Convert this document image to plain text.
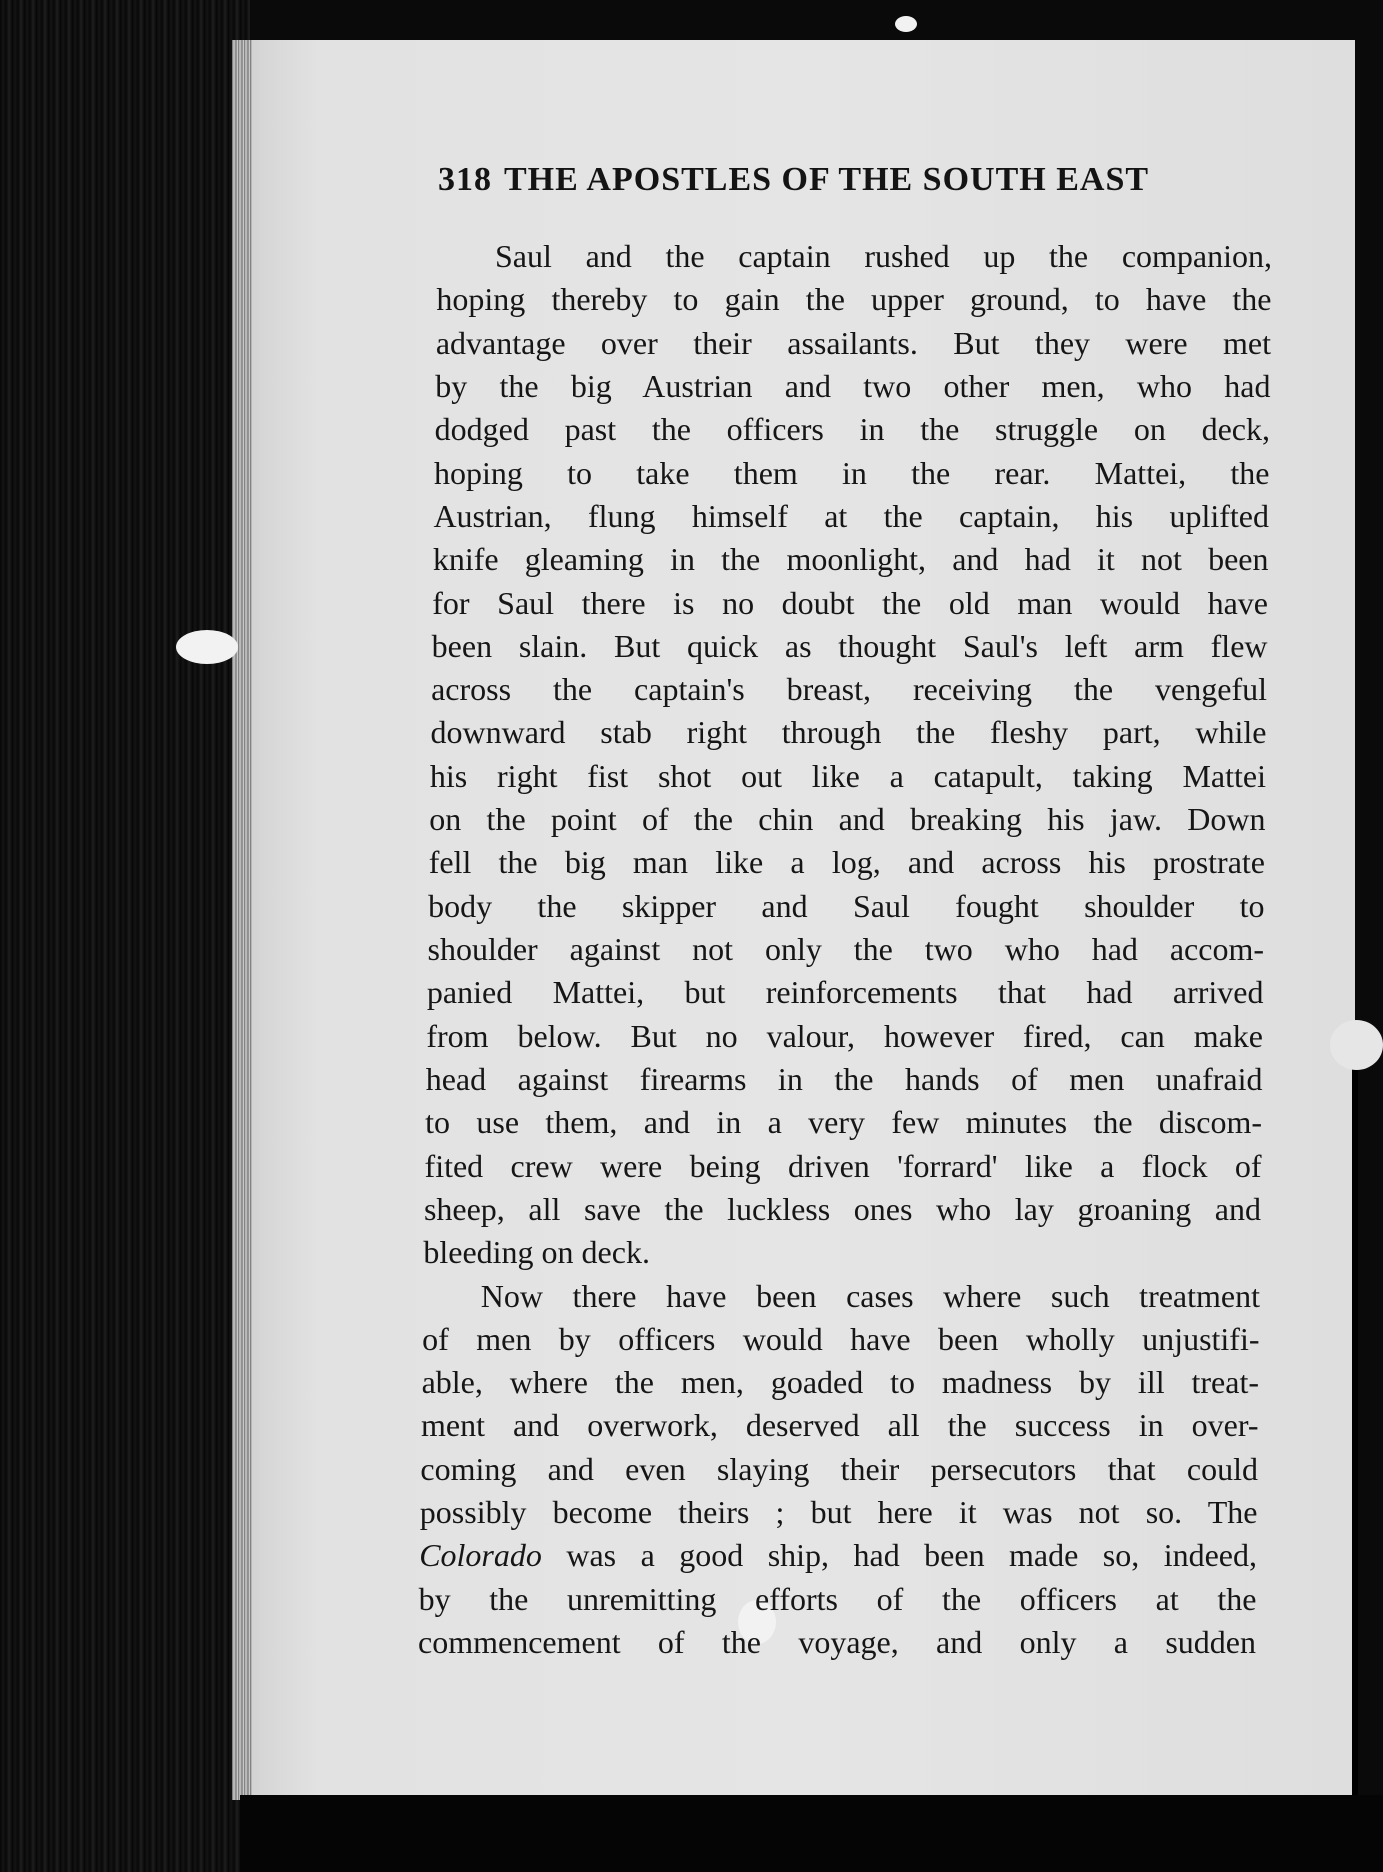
318 THE APOSTLES OF THE SOUTH EAST
Saul and the captain rushed up the companion,
hoping thereby to gain the upper ground, to have the
advantage over their assailants. But they were met
by the big Austrian and two other men, who had
dodged past the officers in the struggle on deck,
hoping to take them in the rear. Mattei, the
Austrian, flung himself at the captain, his uplifted
knife gleaming in the moonlight, and had it not been
for Saul there is no doubt the old man would have
been slain. But quick as thought Saul's left arm flew
across the captain's breast, receiving the vengeful
downward stab right through the fleshy part, while
his right fist shot out like a catapult, taking Mattei
on the point of the chin and breaking his jaw. Down
fell the big man like a log, and across his prostrate
body the skipper and Saul fought shoulder to
shoulder against not only the two who had accom-
panied Mattei, but reinforcements that had arrived
from below. But no valour, however fired, can make
head against firearms in the hands of men unafraid
to use them, and in a very few minutes the discom-
fited crew were being driven 'forrard' like a flock of
sheep, all save the luckless ones who lay groaning and
bleeding on deck.
Now there have been cases where such treatment
of men by officers would have been wholly unjustifi-
able, where the men, goaded to madness by ill treat-
ment and overwork, deserved all the success in over-
coming and even slaying their persecutors that could
possibly become theirs ; but here it was not so. The
Colorado was a good ship, had been made so, indeed,
by the unremitting efforts of the officers at the
commencement of the voyage, and only a sudden
